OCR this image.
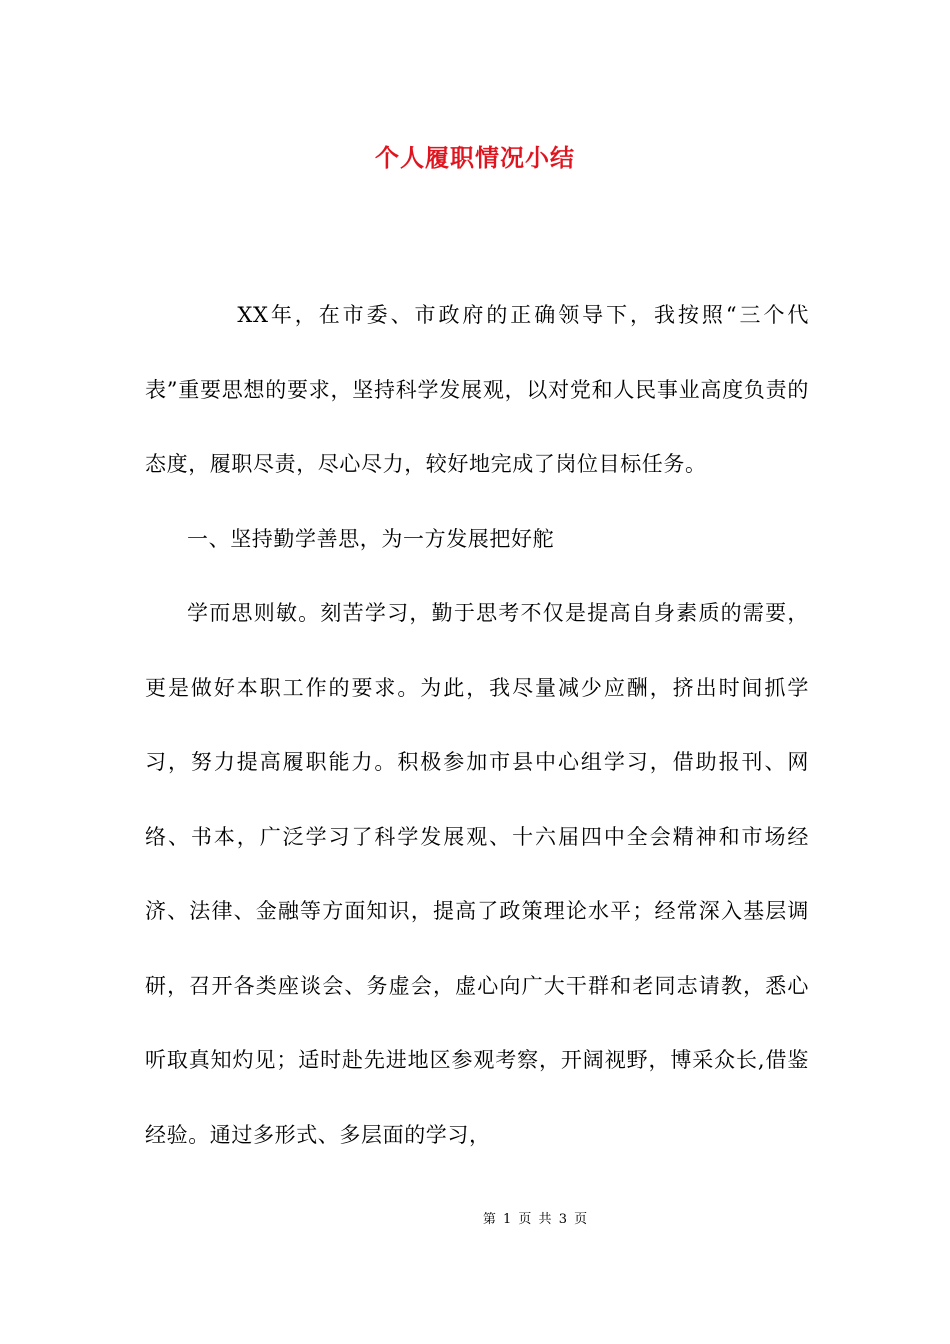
个人履职情况小结

XX年，在市委、市政府的正确领导下，我按照“三个代表”重要思想的要求，坚持科学发展观，以对党和人民事业高度负责的态度，履职尽责，尽心尽力，较好地完成了岗位目标任务。

一、坚持勤学善思，为一方发展把好舵

学而思则敏。刻苦学习，勤于思考不仅是提高自身素质的需要，更是做好本职工作的要求。为此，我尽量减少应酬，挤出时间抓学习，努力提高履职能力。积极参加市县中心组学习，借助报刊、网络、书本，广泛学习了科学发展观、十六届四中全会精神和市场经济、法律、金融等方面知识，提高了政策理论水平；经常深入基层调研，召开各类座谈会、务虚会，虚心向广大干群和老同志请教，悉心听取真知灼见；适时赴先进地区参观考察，开阔视野，博采众长,借鉴经验。通过多形式、多层面的学习，

第 1 页 共 3 页
